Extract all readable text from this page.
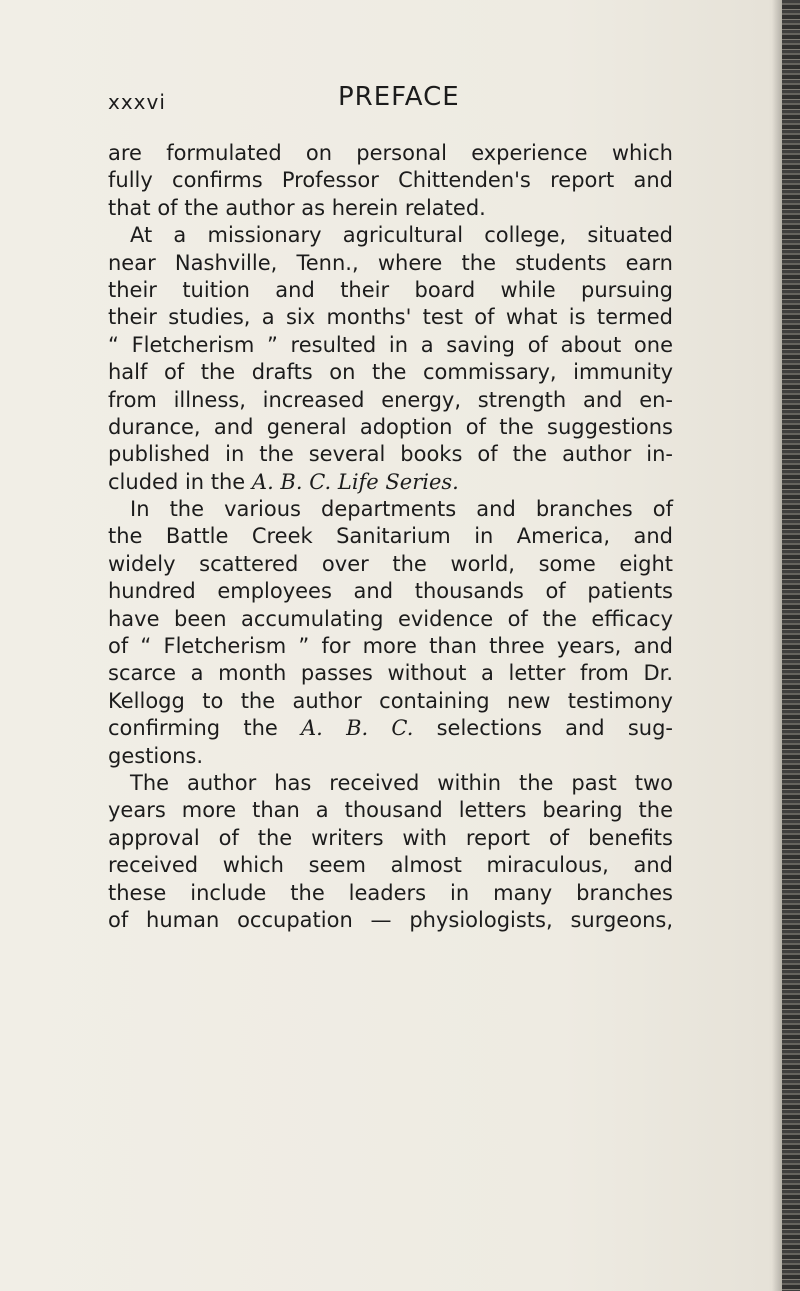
xxxvi	PREFACE
are formulated on personal experience which
fully confirms Professor Chittenden's report and
that of the author as herein related.
At a missionary agricultural college, situated
near Nashville, Tenn., where the students earn
their tuition and their board while pursuing
their studies, a six months' test of what is termed
“ Fletcherism ” resulted in a saving of about one
half of the drafts on the commissary, immunity
from illness, increased energy, strength and en-
durance, and general adoption of the suggestions
published in the several books of the author in-
cluded in the A. B. C. Life Series.
In the various departments and branches of
the Battle Creek Sanitarium in America, and
widely scattered over the world, some eight
hundred employees and thousands of patients
have been accumulating evidence of the efficacy
of “ Fletcherism ” for more than three years, and
scarce a month passes without a letter from Dr.
Kellogg to the author containing new testimony
confirming the A. B. C. selections and sug-
gestions.
The author has received within the past two
years more than a thousand letters bearing the
approval of the writers with report of benefits
received which seem almost miraculous, and
these include the leaders in many branches
of human occupation — physiologists, surgeons,
